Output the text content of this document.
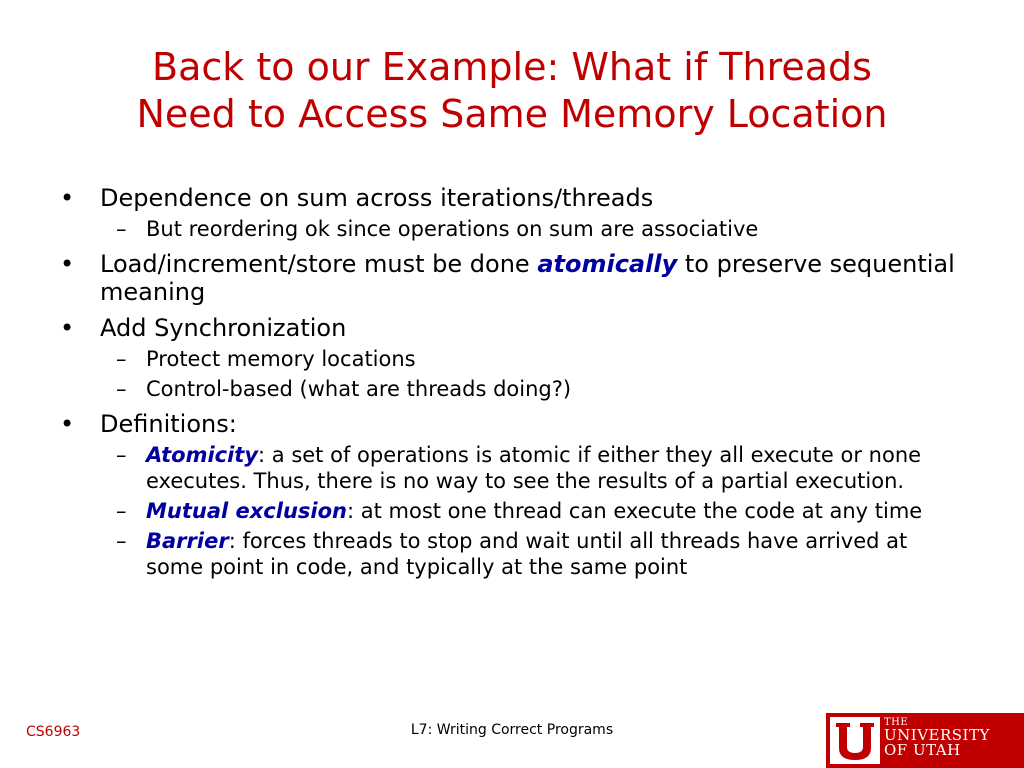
Back to our Example: What if Threads
Need to Access Same Memory Location
• Dependence on sum across iterations/threads
– But reordering ok since operations on sum are associative
• Load/increment/store must be done atomically to preserve sequential meaning
• Add Synchronization
– Protect memory locations
– Control-based (what are threads doing?)
• Definitions:
– Atomicity: a set of operations is atomic if either they all execute or none executes. Thus, there is no way to see the results of a partial execution.
– Mutual exclusion: at most one thread can execute the code at any time
– Barrier: forces threads to stop and wait until all threads have arrived at some point in code, and typically at the same point
CS6963	L7: Writing Correct Programs	THE
UNIVERSITY
OF UTAH
